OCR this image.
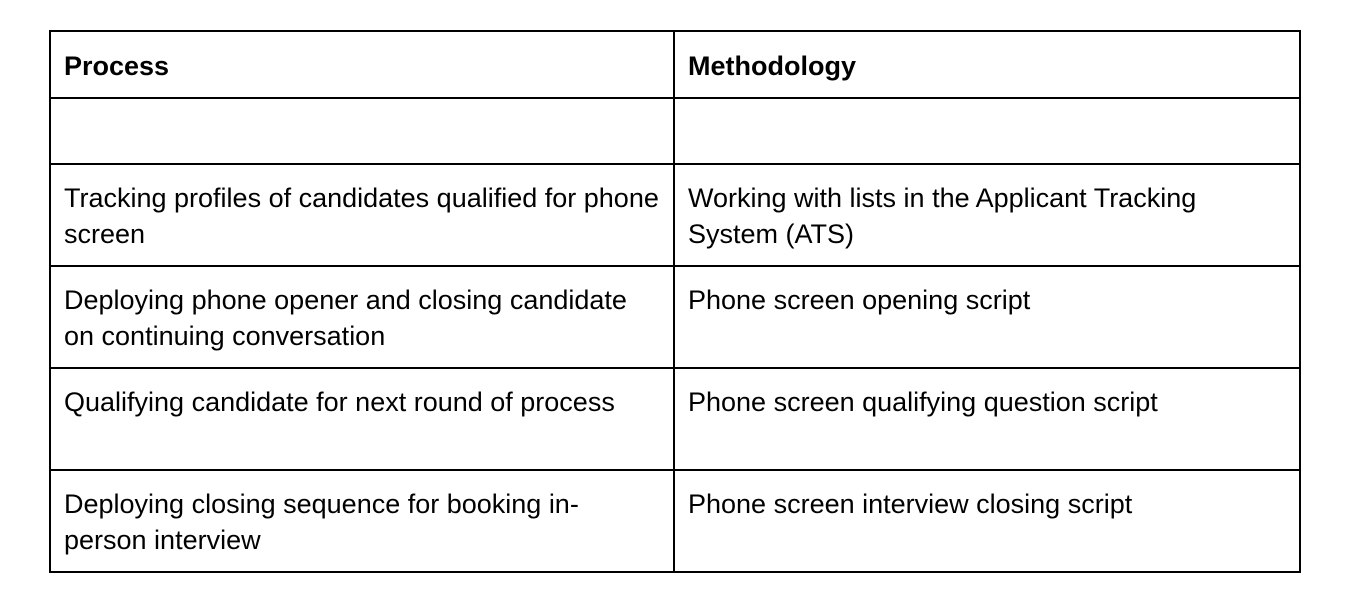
Process	Methodology

Tracking profiles of candidates qualified for phone screen	Working with lists in the Applicant Tracking System (ATS)

Deploying phone opener and closing candidate on continuing conversation	Phone screen opening script

Qualifying candidate for next round of process	Phone screen qualifying question script

Deploying closing sequence for booking in-person interview	Phone screen interview closing script
